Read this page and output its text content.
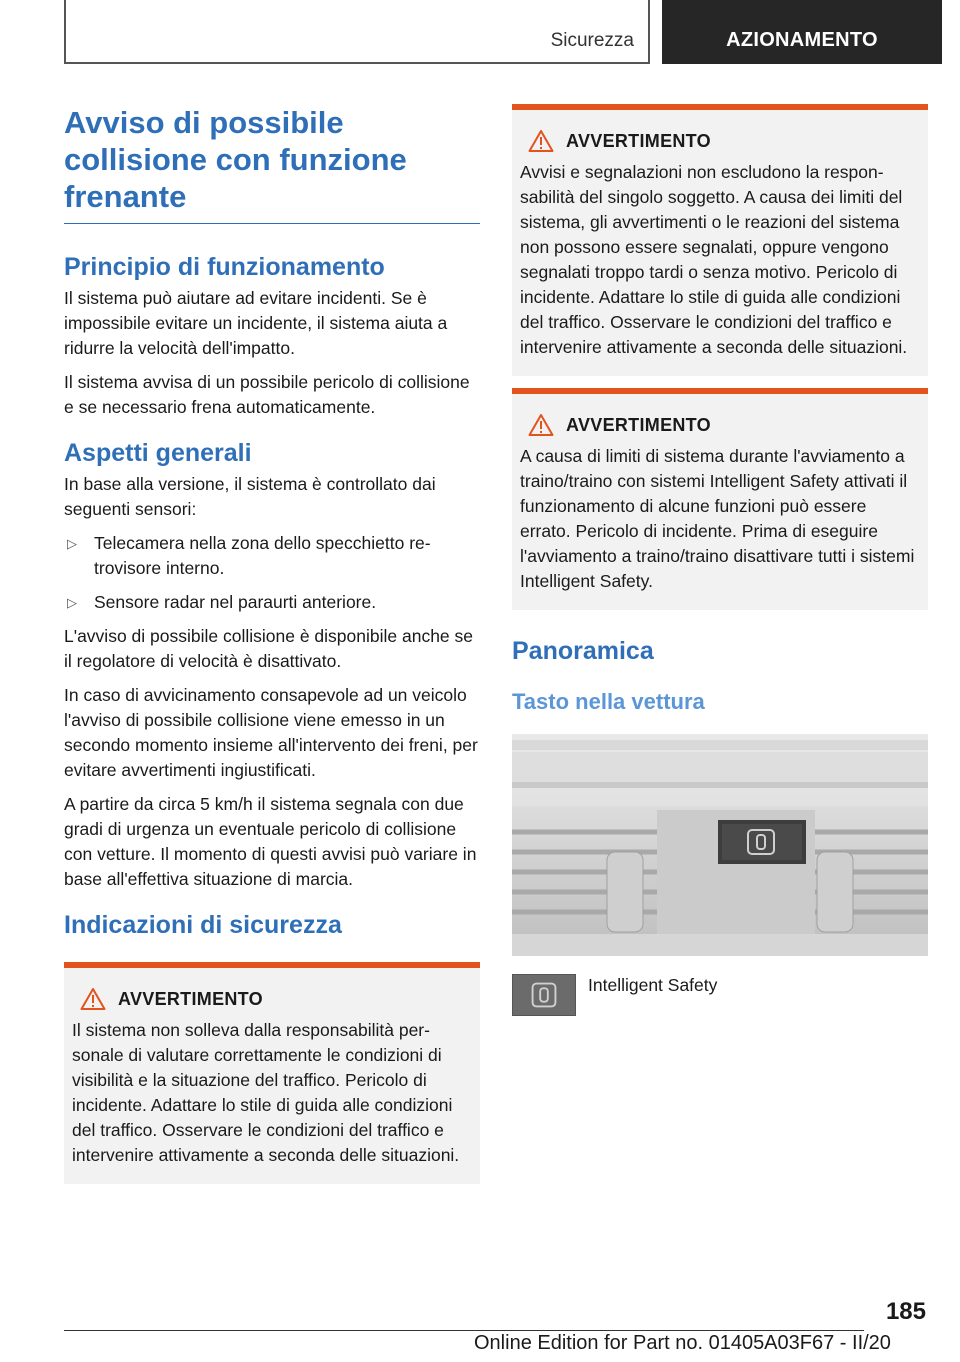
Sicurezza	AZIONAMENTO
Avviso di possibile collisione con funzione frenante
Principio di funzionamento

Il sistema può aiutare ad evitare incidenti. Se è impossibile evitare un incidente, il sistema aiuta a ridurre la velocità dell'impatto.

Il sistema avvisa di un possibile pericolo di collisione e se necessario frena automaticamente.

Aspetti generali

In base alla versione, il sistema è controllato dai seguenti sensori:

▷ Telecamera nella zona dello specchietto retrovisore interno.
▷ Sensore radar nel paraurti anteriore.

L'avviso di possibile collisione è disponibile anche se il regolatore di velocità è disattivato.

In caso di avvicinamento consapevole ad un veicolo l'avviso di possibile collisione viene emesso in un secondo momento insieme all'intervento dei freni, per evitare avvertimenti ingiustificati.

A partire da circa 5 km/h il sistema segnala con due gradi di urgenza un eventuale pericolo di collisione con vetture. Il momento di questi avvisi può variare in base all'effettiva situazione di marcia.

Indicazioni di sicurezza
AVVERTIMENTO

Il sistema non solleva dalla responsabilità personale di valutare correttamente le condizioni di visibilità e la situazione del traffico. Pericolo di incidente. Adattare lo stile di guida alle condizioni del traffico. Osservare le condizioni del traffico e intervenire attivamente a seconda delle situazioni.

AVVERTIMENTO

Avvisi e segnalazioni non escludono la responsabilità del singolo soggetto. A causa dei limiti del sistema, gli avvertimenti o le reazioni del sistema non possono essere segnalati, oppure vengono segnalati troppo tardi o senza motivo. Pericolo di incidente. Adattare lo stile di guida alle condizioni del traffico. Osservare le condizioni del traffico e intervenire attivamente a seconda delle situazioni.

AVVERTIMENTO

A causa di limiti di sistema durante l'avviamento a traino/traino con sistemi Intelligent Safety attivati il funzionamento di alcune funzioni può essere errato. Pericolo di incidente. Prima di eseguire l'avviamento a traino/traino disattivare tutti i sistemi Intelligent Safety.

Panoramica
Tasto nella vettura
Intelligent Safety
185
Online Edition for Part no. 01405A03F67 - II/20
